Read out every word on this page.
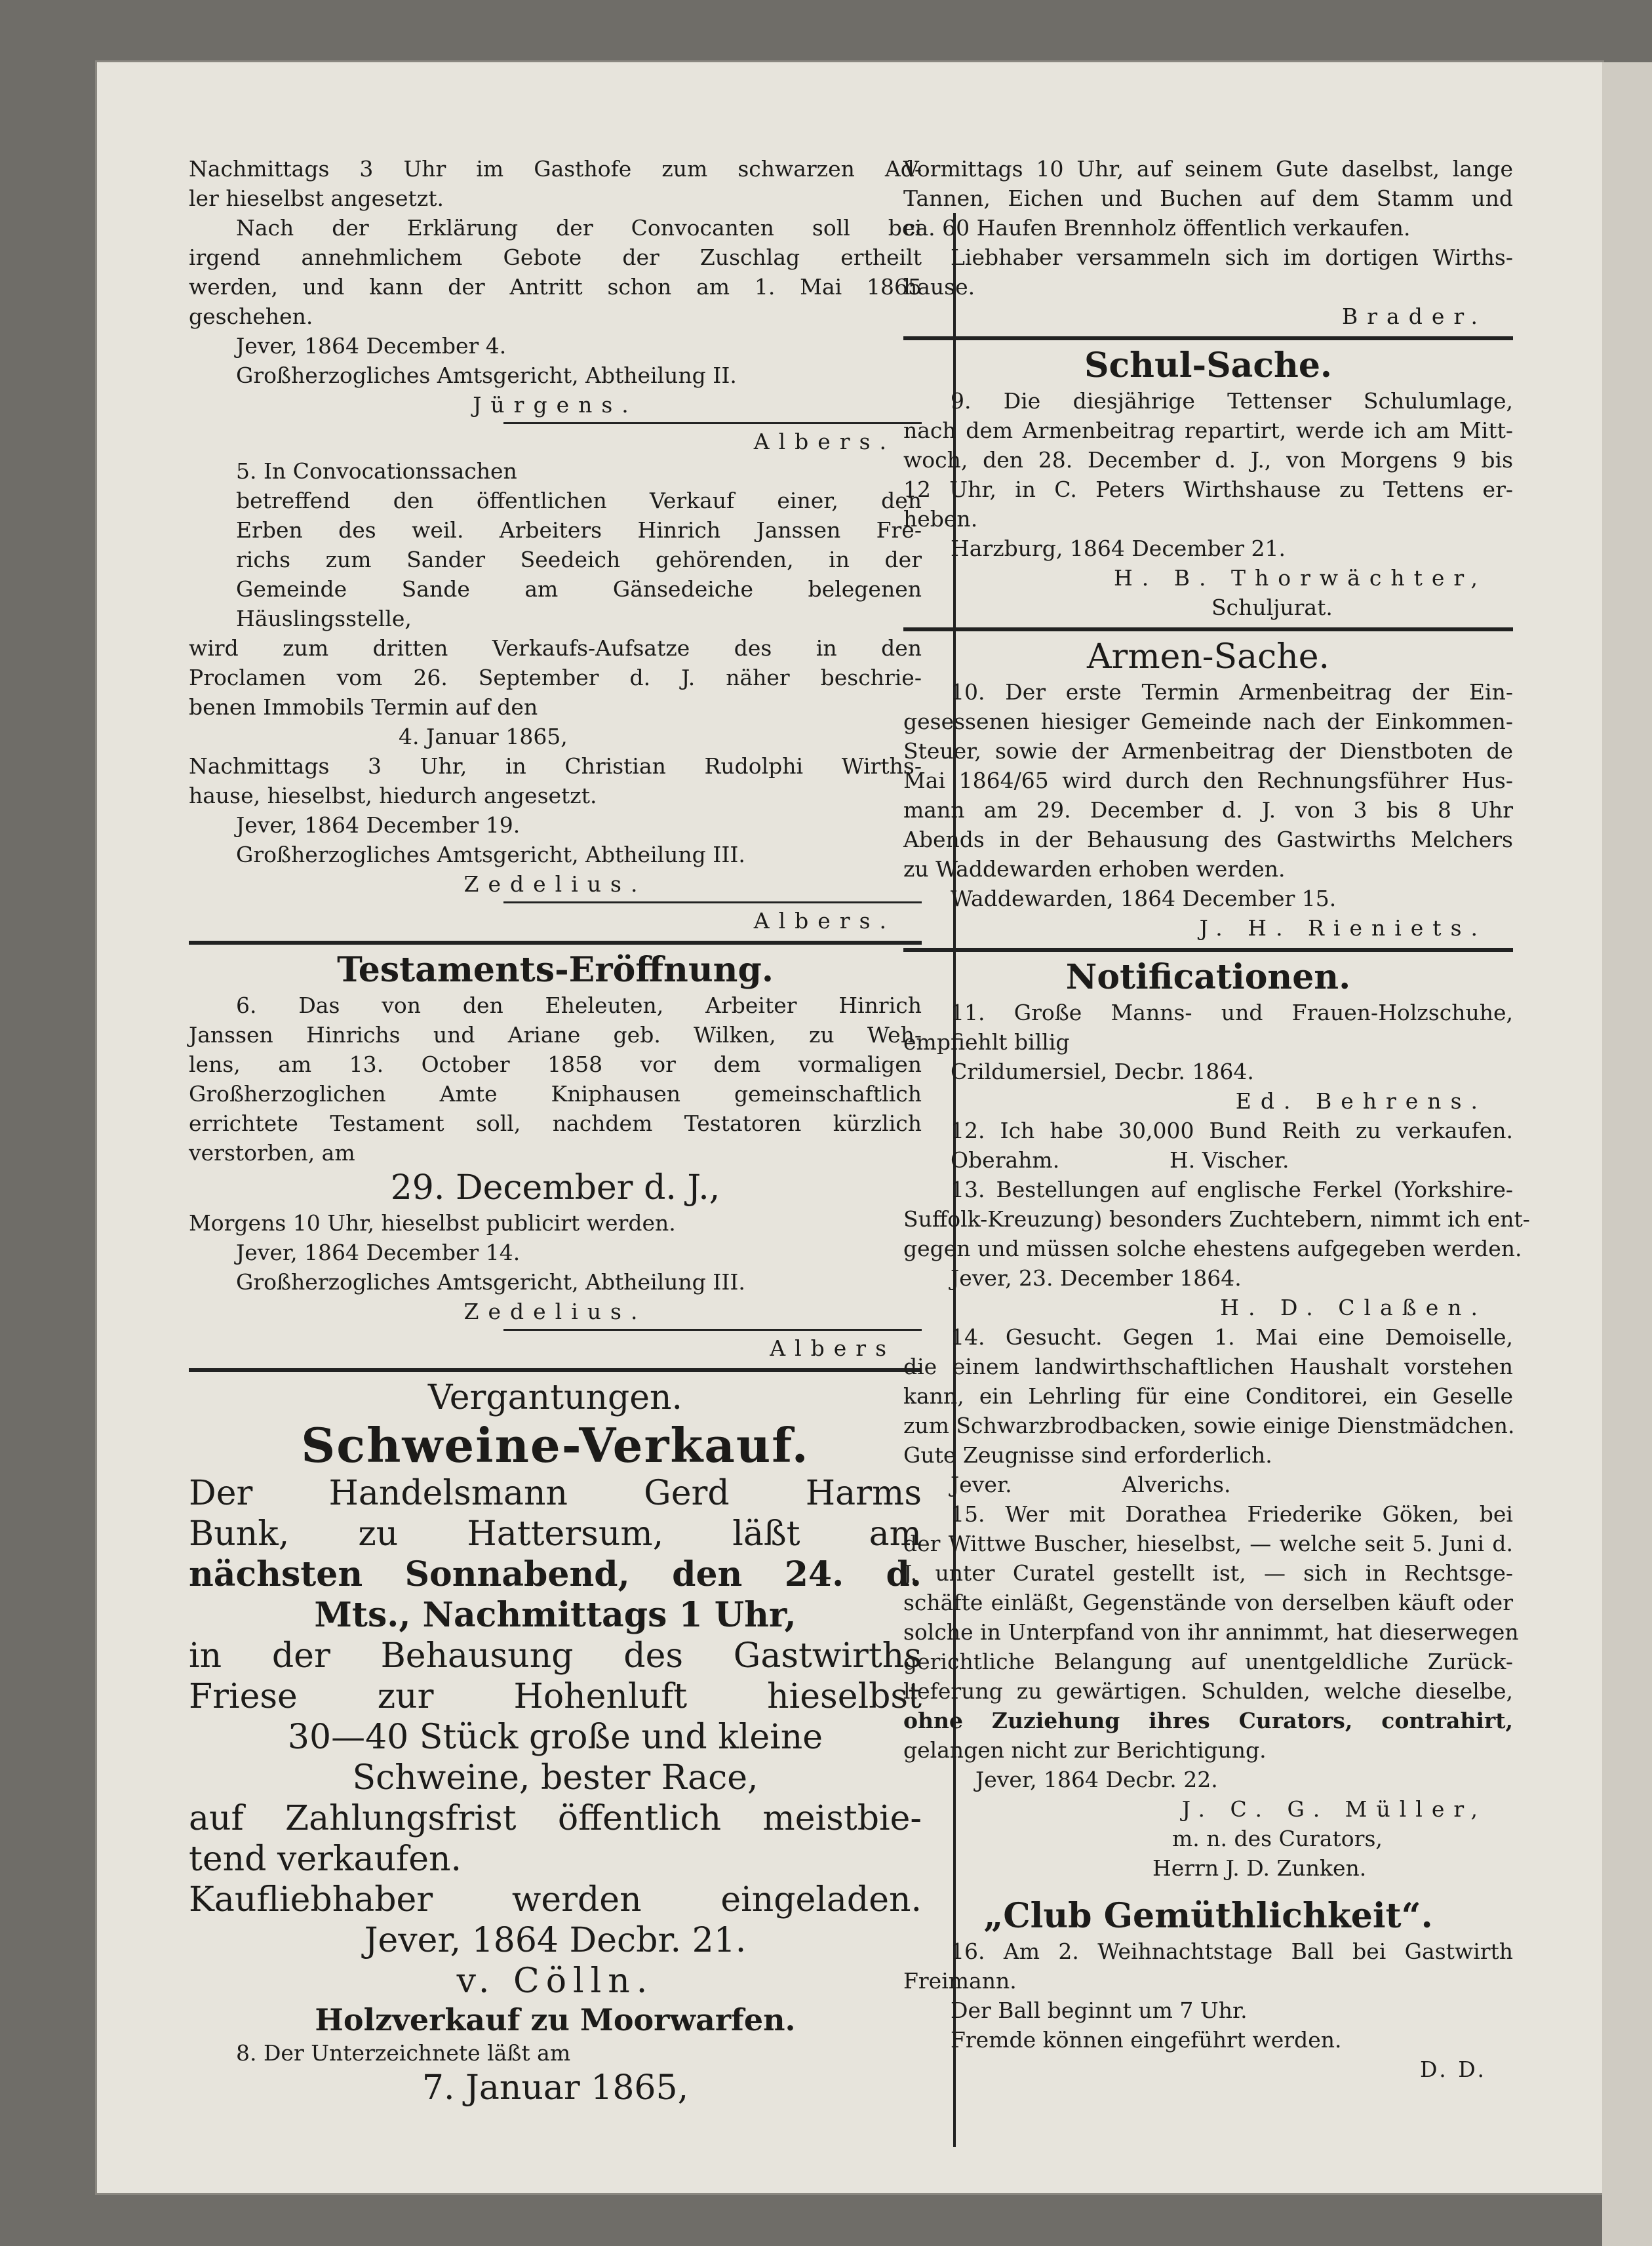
Nachmittags 3 Uhr im Gasthofe zum schwarzen Ad-

ler hieselbst angesetzt.

Nach der Erklärung der Convocanten soll bei

irgend annehmlichem Gebote der Zuschlag ertheilt

werden, und kann der Antritt schon am 1. Mai 1865

geschehen.

Jever, 1864 December 4.

Großherzogliches Amtsgericht, Abtheilung II.

Jürgens.

Albers.

5. In Convocationssachen

betreffend den öffentlichen Verkauf einer, den

Erben des weil. Arbeiters Hinrich Janssen Fre-

richs zum Sander Seedeich gehörenden, in der

Gemeinde Sande am Gänsedeiche belegenen

Häuslingsstelle,

wird zum dritten Verkaufs-Aufsatze des in den

Proclamen vom 26. September d. J. näher beschrie-

benen Immobils Termin auf den

4. Januar 1865,

Nachmittags 3 Uhr, in Christian Rudolphi Wirths-

hause, hieselbst, hiedurch angesetzt.

Jever, 1864 December 19.

Großherzogliches Amtsgericht, Abtheilung III.

Zedelius.

Albers.

Testaments-Eröffnung.

6. Das von den Eheleuten, Arbeiter Hinrich

Janssen Hinrichs und Ariane geb. Wilken, zu Weh-

lens, am 13. October 1858 vor dem vormaligen

Großherzoglichen Amte Kniphausen gemeinschaftlich

errichtete Testament soll, nachdem Testatoren kürzlich

verstorben, am

29. December d. J.,

Morgens 10 Uhr, hieselbst publicirt werden.

Jever, 1864 December 14.

Großherzogliches Amtsgericht, Abtheilung III.

Zedelius.

Albers

Vergantungen.

Schweine-Verkauf.

Der Handelsmann Gerd Harms

Bunk, zu Hattersum, läßt am

nächsten Sonnabend, den 24. d.

Mts., Nachmittags 1 Uhr,

in der Behausung des Gastwirths

Friese zur Hohenluft hieselbst

30—40 Stück große und kleine

Schweine, bester Race,

auf Zahlungsfrist öffentlich meistbie-

tend verkaufen.

Kaufliebhaber werden eingeladen.

Jever, 1864 Decbr. 21.

v. Cölln.

Holzverkauf zu Moorwarfen.

8. Der Unterzeichnete läßt am

7. Januar 1865,

Vormittags 10 Uhr, auf seinem Gute daselbst, lange

Tannen, Eichen und Buchen auf dem Stamm und

ca. 60 Haufen Brennholz öffentlich verkaufen.

Liebhaber versammeln sich im dortigen Wirths-

hause.

Brader.

Schul-Sache.

9. Die diesjährige Tettenser Schulumlage,

nach dem Armenbeitrag repartirt, werde ich am Mitt-

woch, den 28. December d. J., von Morgens 9 bis

12 Uhr, in C. Peters Wirthshause zu Tettens er-

heben.

Harzburg, 1864 December 21.

H. B. Thorwächter,

Schuljurat.

Armen-Sache.

10. Der erste Termin Armenbeitrag der Ein-

gesessenen hiesiger Gemeinde nach der Einkommen-

Steuer, sowie der Armenbeitrag der Dienstboten de

Mai 1864/65 wird durch den Rechnungsführer Hus-

mann am 29. December d. J. von 3 bis 8 Uhr

Abends in der Behausung des Gastwirths Melchers

zu Waddewarden erhoben werden.

Waddewarden, 1864 December 15.

J. H. Rieniets.

Notificationen.

11. Große Manns- und Frauen-Holzschuhe,

empfiehlt billig

Crildumersiel, Decbr. 1864.

Ed. Behrens.

12. Ich habe 30,000 Bund Reith zu verkaufen.

Oberahm.                H. Vischer.

13. Bestellungen auf englische Ferkel (Yorkshire-

Suffolk-Kreuzung) besonders Zuchtebern, nimmt ich ent-

gegen und müssen solche ehestens aufgegeben werden.

Jever, 23. December 1864.

H. D. Claßen.

14. Gesucht. Gegen 1. Mai eine Demoiselle,

die einem landwirthschaftlichen Haushalt vorstehen

kann, ein Lehrling für eine Conditorei, ein Geselle

zum Schwarzbrodbacken, sowie einige Dienstmädchen.

Gute Zeugnisse sind erforderlich.

Jever.                Alverichs.

15. Wer mit Dorathea Friederike Göken, bei

der Wittwe Buscher, hieselbst, — welche seit 5. Juni d.

J. unter Curatel gestellt ist, — sich in Rechtsge-

schäfte einläßt, Gegenstände von derselben käuft oder

solche in Unterpfand von ihr annimmt, hat dieserwegen

gerichtliche Belangung auf unentgeldliche Zurück-

lieferung zu gewärtigen. Schulden, welche dieselbe,

ohne Zuziehung ihres Curators, contrahirt,

gelangen nicht zur Berichtigung.

Jever, 1864 Decbr. 22.

J. C. G. Müller,

m. n. des Curators,

Herrn J. D. Zunken.

„Club Gemüthlichkeit“.

16. Am 2. Weihnachtstage Ball bei Gastwirth

Freimann.

Der Ball beginnt um 7 Uhr.

Fremde können eingeführt werden.

D. D.
